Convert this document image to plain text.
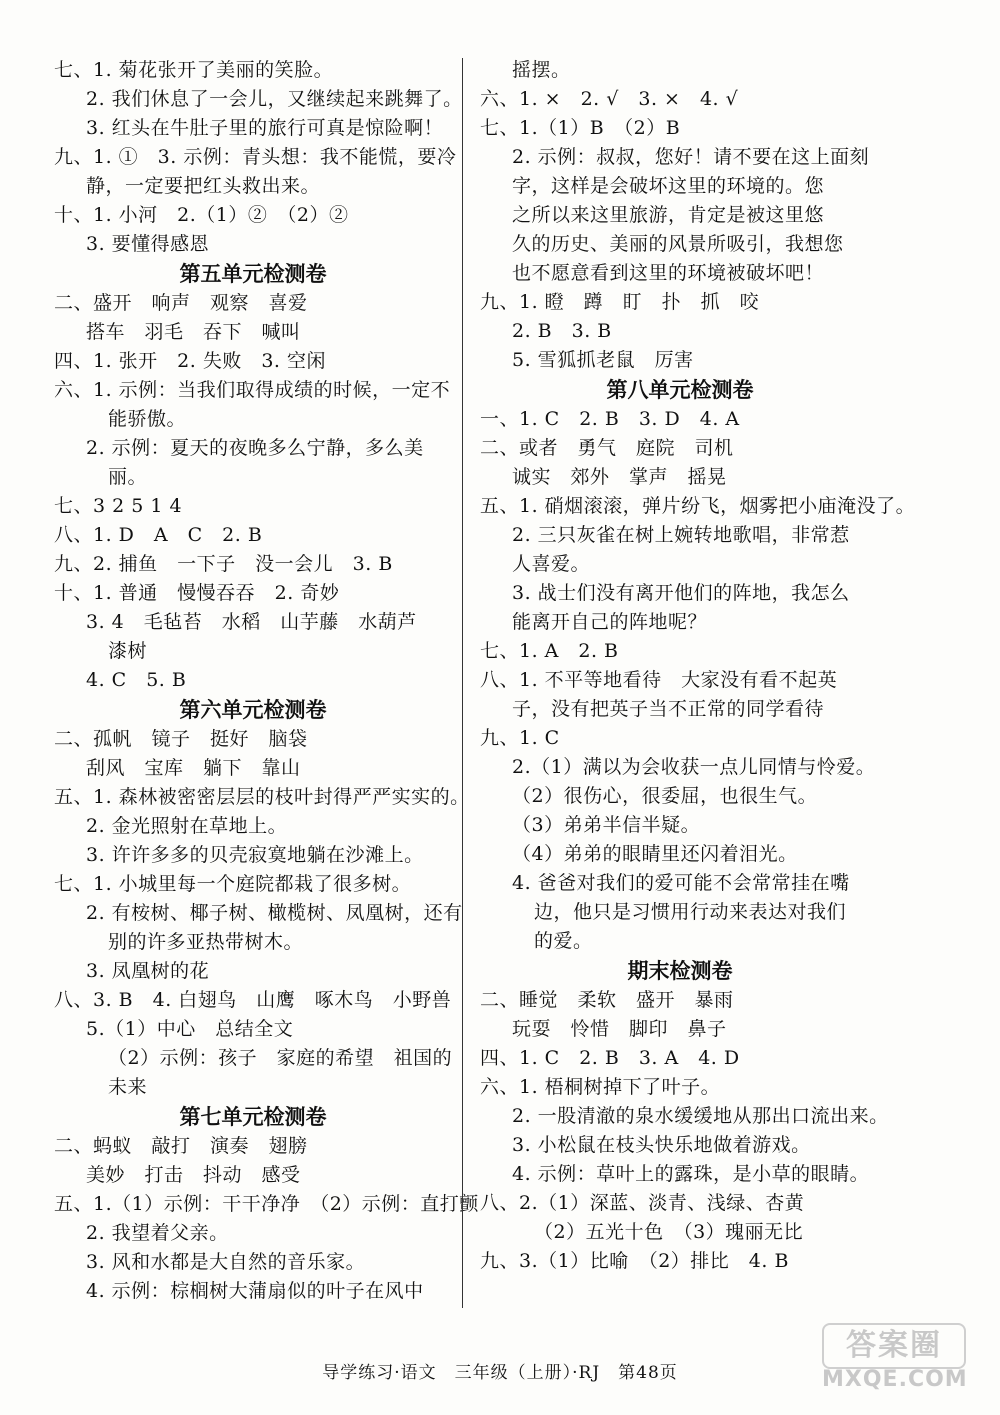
七、1. 菊花张开了美丽的笑脸。
2. 我们休息了一会儿，又继续起来跳舞了。
3. 红头在牛肚子里的旅行可真是惊险啊！
九、1. ①　3. 示例：青头想：我不能慌，要冷
静，一定要把红头救出来。
十、1. 小河　2.（1）②　（2）②
3. 要懂得感恩
第五单元检测卷
二、盛开　响声　观察　喜爱
搭车　羽毛　吞下　喊叫
四、1. 张开　2. 失败　3. 空闲
六、1. 示例：当我们取得成绩的时候，一定不
能骄傲。
2. 示例：夏天的夜晚多么宁静，多么美
丽。
七、3 2 5 1 4
八、1. D　A　C　2. B
九、2. 捕鱼　一下子　没一会儿　3. B
十、1. 普通　慢慢吞吞　2. 奇妙
3. 4　毛毡苔　水稻　山芋藤　水葫芦
漆树
4. C　5. B
第六单元检测卷
二、孤帆　镜子　挺好　脑袋
刮风　宝库　躺下　靠山
五、1. 森林被密密层层的枝叶封得严严实实的。
2. 金光照射在草地上。
3. 许许多多的贝壳寂寞地躺在沙滩上。
七、1. 小城里每一个庭院都栽了很多树。
2. 有桉树、椰子树、橄榄树、凤凰树，还有
别的许多亚热带树木。
3. 凤凰树的花
八、3. B　4. 白翅鸟　山鹰　啄木鸟　小野兽
5.（1）中心　总结全文
（2）示例：孩子　家庭的希望　祖国的
未来
第七单元检测卷
二、蚂蚁　敲打　演奏　翅膀
美妙　打击　抖动　感受
五、1.（1）示例：干干净净　（2）示例：直打颤
2. 我望着父亲。
3. 风和水都是大自然的音乐家。
4. 示例：棕榈树大蒲扇似的叶子在风中
摇摆。
六、1. ×　2. √　3. ×　4. √
七、1.（1）B　（2）B
2. 示例：叔叔，您好！请不要在这上面刻
字，这样是会破坏这里的环境的。您
之所以来这里旅游，肯定是被这里悠
久的历史、美丽的风景所吸引，我想您
也不愿意看到这里的环境被破坏吧！
九、1. 瞪　蹲　盯　扑　抓　咬
2. B　3. B
5. 雪狐抓老鼠　厉害
第八单元检测卷
一、1. C　2. B　3. D　4. A
二、或者　勇气　庭院　司机
诚实　郊外　掌声　摇晃
五、1. 硝烟滚滚，弹片纷飞，烟雾把小庙淹没了。
2. 三只灰雀在树上婉转地歌唱，非常惹
人喜爱。
3. 战士们没有离开他们的阵地，我怎么
能离开自己的阵地呢？
七、1. A　2. B
八、1. 不平等地看待　大家没有看不起英
子，没有把英子当不正常的同学看待
九、1. C
2.（1）满以为会收获一点儿同情与怜爱。
（2）很伤心，很委屈，也很生气。
（3）弟弟半信半疑。
（4）弟弟的眼睛里还闪着泪光。
4. 爸爸对我们的爱可能不会常常挂在嘴
边，他只是习惯用行动来表达对我们
的爱。
期末检测卷
二、睡觉　柔软　盛开　暴雨
玩耍　怜惜　脚印　鼻子
四、1. C　2. B　3. A　4. D
六、1. 梧桐树掉下了叶子。
2. 一股清澈的泉水缓缓地从那出口流出来。
3. 小松鼠在枝头快乐地做着游戏。
4. 示例：草叶上的露珠，是小草的眼睛。
八、2.（1）深蓝、淡青、浅绿、杏黄
（2）五光十色　（3）瑰丽无比
九、3.（1）比喻　（2）排比　4. B
导学练习·语文　三年级（上册）·RJ　第48页
答案圈
MXQE.COM
